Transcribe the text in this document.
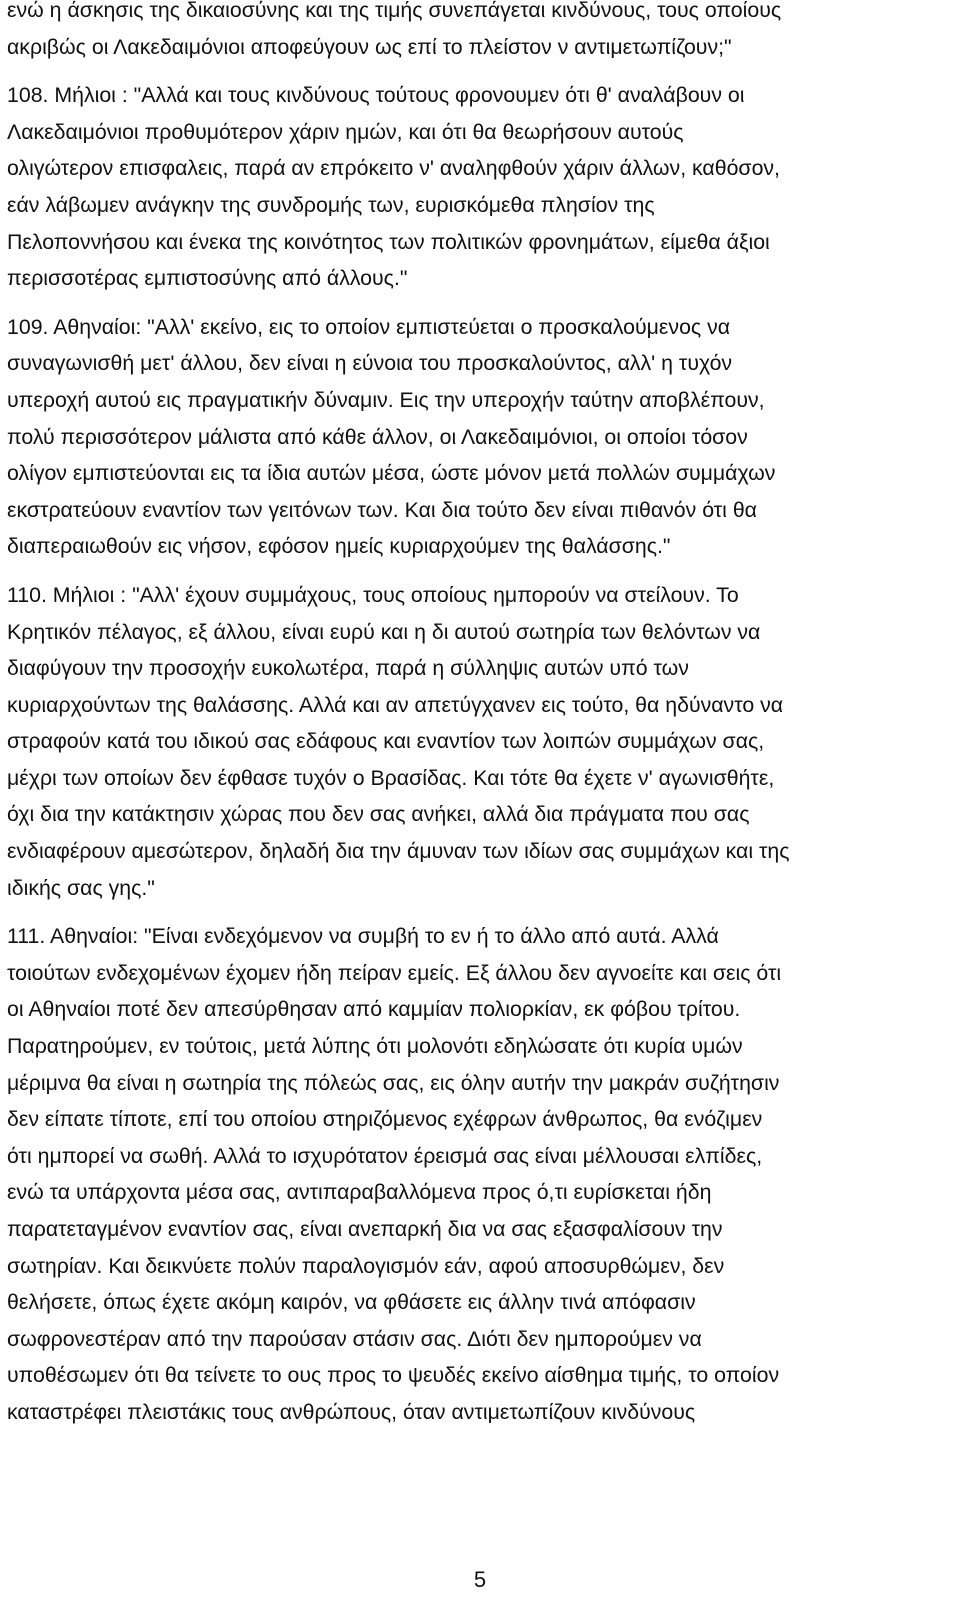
ενώ η άσκησις της δικαιοσύνης και της τιμής συνεπάγεται κινδύνους, τους οποίους
ακριβώς οι Λακεδαιμόνιοι αποφεύγουν ως επί το πλείστον ν αντιμετωπίζουν;"
108. Μήλιοι : "Αλλά και τους κινδύνους τούτους φρονουμεν ότι θ' αναλάβουν οι
Λακεδαιμόνιοι προθυμότερον χάριν ημών, και ότι θα θεωρήσουν αυτούς
ολιγώτερον επισφαλεις, παρά αν επρόκειτο ν' αναληφθούν χάριν άλλων, καθόσον,
εάν λάβωμεν ανάγκην της συνδρομής των, ευρισκόμεθα πλησίον της
Πελοποννήσου και ένεκα της κοινότητος των πολιτικών φρονημάτων, είμεθα άξιοι
περισσοτέρας εμπιστοσύνης από άλλους."
109. Αθηναίοι: "Αλλ' εκείνο, εις το οποίον εμπιστεύεται ο προσκαλούμενος να
συναγωνισθή μετ' άλλου, δεν είναι η εύνοια του προσκαλούντος, αλλ' η τυχόν
υπεροχή αυτού εις πραγματικήν δύναμιν. Εις την υπεροχήν ταύτην αποβλέπουν,
πολύ περισσότερον μάλιστα από κάθε άλλον, οι Λακεδαιμόνιοι, οι οποίοι τόσον
ολίγον εμπιστεύονται εις τα ίδια αυτών μέσα, ώστε μόνον μετά πολλών συμμάχων
εκστρατεύουν εναντίον των γειτόνων των. Και δια τούτο δεν είναι πιθανόν ότι θα
διαπεραιωθούν εις νήσον, εφόσον ημείς κυριαρχούμεν της θαλάσσης."
110. Μήλιοι : "Αλλ' έχουν συμμάχους, τους οποίους ημπορούν να στείλουν. Το
Κρητικόν πέλαγος, εξ άλλου, είναι ευρύ και η δι αυτού σωτηρία των θελόντων να
διαφύγουν την προσοχήν ευκολωτέρα, παρά η σύλληψις αυτών υπό των
κυριαρχούντων της θαλάσσης. Αλλά και αν απετύγχανεν εις τούτο, θα ηδύναντο να
στραφούν κατά του ιδικού σας εδάφους και εναντίον των λοιπών συμμάχων σας,
μέχρι των οποίων δεν έφθασε τυχόν ο Βρασίδας. Και τότε θα έχετε ν' αγωνισθήτε,
όχι δια την κατάκτησιν χώρας που δεν σας ανήκει, αλλά δια πράγματα που σας
ενδιαφέρουν αμεσώτερον, δηλαδή δια την άμυναν των ιδίων σας συμμάχων και της
ιδικής σας γης."
111. Αθηναίοι: "Είναι ενδεχόμενον να συμβή το εν ή το άλλο από αυτά. Αλλά
τοιούτων ενδεχομένων έχομεν ήδη πείραν εμείς. Εξ άλλου δεν αγνοείτε και σεις ότι
οι Αθηναίοι ποτέ δεν απεσύρθησαν από καμμίαν πολιορκίαν, εκ φόβου τρίτου.
Παρατηρούμεν, εν τούτοις, μετά λύπης ότι μολονότι εδηλώσατε ότι κυρία υμών
μέριμνα θα είναι η σωτηρία της πόλεώς σας, εις όλην αυτήν την μακράν συζήτησιν
δεν είπατε τίποτε, επί του οποίου στηριζόμενος εχέφρων άνθρωπος, θα ενόζιμεν
ότι ημπορεί να σωθή. Αλλά το ισχυρότατον έρεισμά σας είναι μέλλουσαι ελπίδες,
ενώ τα υπάρχοντα μέσα σας, αντιπαραβαλλόμενα προς ό,τι ευρίσκεται ήδη
παρατεταγμένον εναντίον σας, είναι ανεπαρκή δια να σας εξασφαλίσουν την
σωτηρίαν. Και δεικνύετε πολύν παραλογισμόν εάν, αφού αποσυρθώμεν, δεν
θελήσετε, όπως έχετε ακόμη καιρόν, να φθάσετε εις άλλην τινά απόφασιν
σωφρονεστέραν από την παρούσαν στάσιν σας. Διότι δεν ημπορούμεν να
υποθέσωμεν ότι θα τείνετε το ους προς το ψευδές εκείνο αίσθημα τιμής, το οποίον
καταστρέφει πλειστάκις τους ανθρώπους, όταν αντιμετωπίζουν κινδύνους
5
